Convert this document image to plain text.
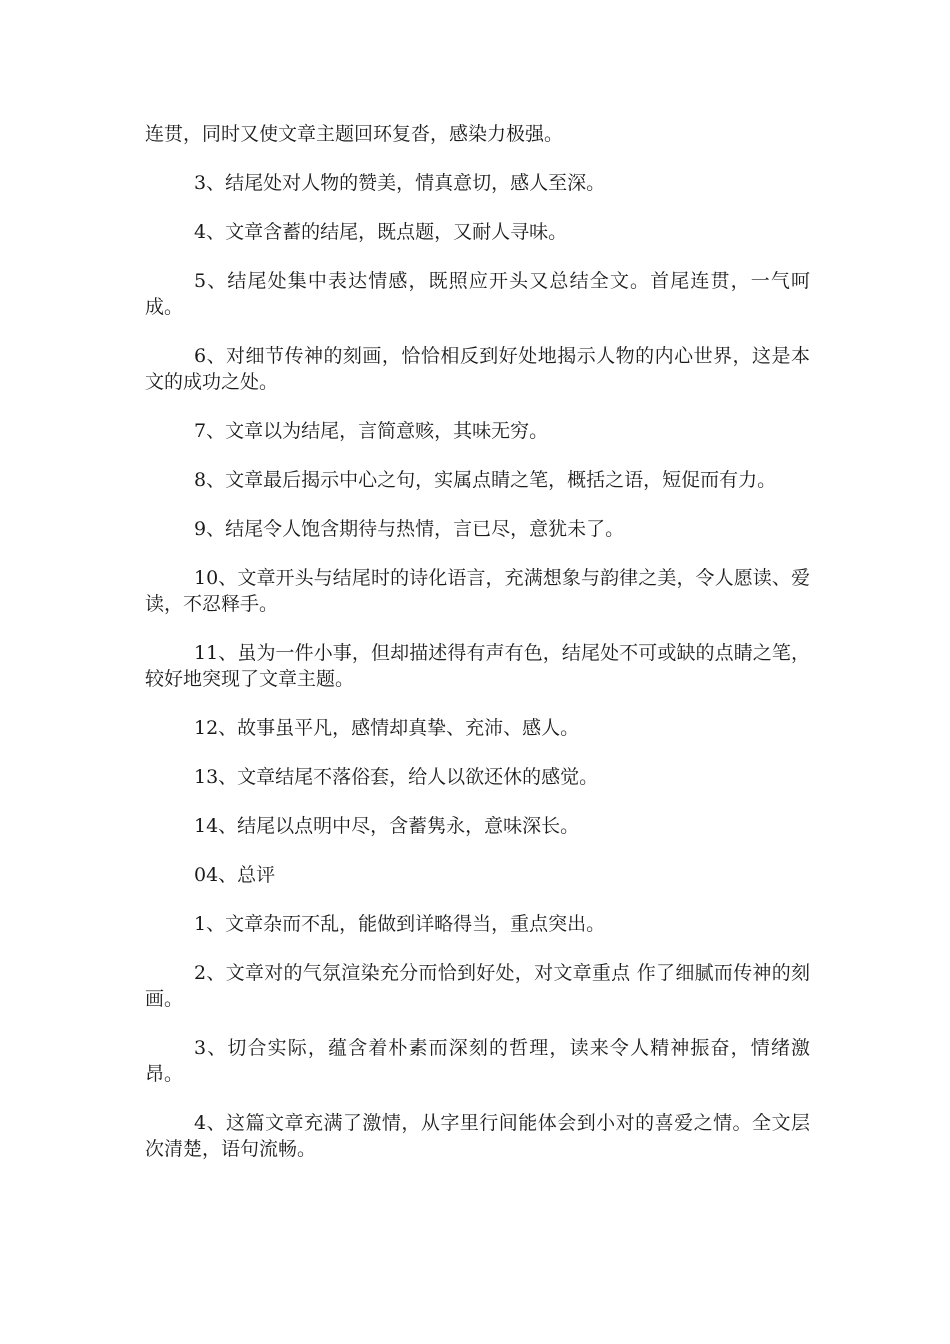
连贯，同时又使文章主题回环复沓，感染力极强。

3、结尾处对人物的赞美，情真意切，感人至深。

4、文章含蓄的结尾，既点题，又耐人寻味。

5、结尾处集中表达情感，既照应开头又总结全文。首尾连贯，一气呵成。

6、对细节传神的刻画，恰恰相反到好处地揭示人物的内心世界，这是本文的成功之处。

7、文章以为结尾，言简意赅，其味无穷。

8、文章最后揭示中心之句，实属点睛之笔，概括之语，短促而有力。

9、结尾令人饱含期待与热情，言已尽，意犹未了。

10、文章开头与结尾时的诗化语言，充满想象与韵律之美，令人愿读、爱读，不忍释手。

11、虽为一件小事，但却描述得有声有色，结尾处不可或缺的点睛之笔，较好地突现了文章主题。

12、故事虽平凡，感情却真挚、充沛、感人。

13、文章结尾不落俗套，给人以欲还休的感觉。

14、结尾以点明中尽，含蓄隽永，意味深长。

04、总评

1、文章杂而不乱，能做到详略得当，重点突出。

2、文章对的气氛渲染充分而恰到好处，对文章重点 作了细腻而传神的刻画。

3、切合实际，蕴含着朴素而深刻的哲理，读来令人精神振奋，情绪激昂。

4、这篇文章充满了激情，从字里行间能体会到小对的喜爱之情。全文层次清楚，语句流畅。
